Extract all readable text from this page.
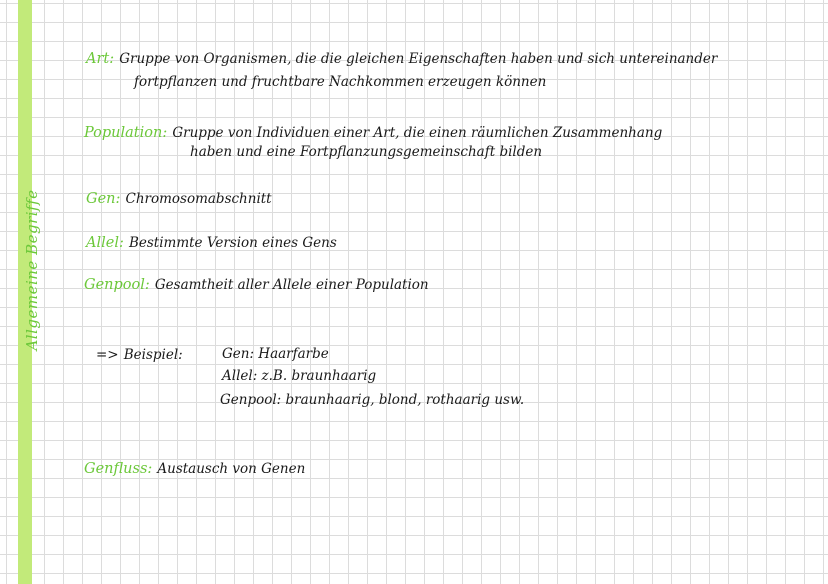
Allgemeine Begriffe
Art: Gruppe von Organismen, die die gleichen Eigenschaften haben und sich untereinander
fortpflanzen und fruchtbare Nachkommen erzeugen können
Population: Gruppe von Individuen einer Art, die einen räumlichen Zusammenhang
haben und eine Fortpflanzungsgemeinschaft bilden
Gen: Chromosomabschnitt
Allel: Bestimmte Version eines Gens
Genpool: Gesamtheit aller Allele einer Population
=> Beispiel:	Gen: Haarfarbe
Allel: z.B. braunhaarig
Genpool: braunhaarig, blond, rothaarig usw.
Genfluss: Austausch von Genen
